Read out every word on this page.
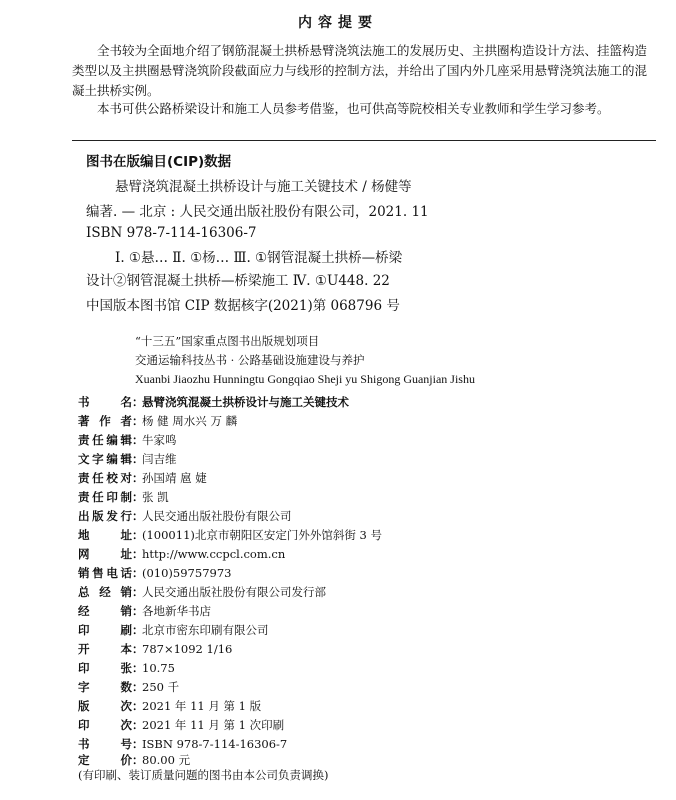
内容提要
全书较为全面地介绍了钢筋混凝土拱桥悬臂浇筑法施工的发展历史、主拱圈构造设计方法、挂篮构造类型以及主拱圈悬臂浇筑阶段截面应力与线形的控制方法，并给出了国内外几座采用悬臂浇筑法施工的混凝土拱桥实例。
本书可供公路桥梁设计和施工人员参考借鉴，也可供高等院校相关专业教师和学生学习参考。
图书在版编目(CIP)数据
悬臂浇筑混凝土拱桥设计与施工关键技术 / 杨健等
编著. — 北京 : 人民交通出版社股份有限公司，2021. 11
ISBN 978-7-114-16306-7
Ⅰ. ①悬… Ⅱ. ①杨… Ⅲ. ①钢管混凝土拱桥—桥梁
设计②钢管混凝土拱桥—桥梁施工 Ⅳ. ①U448. 22
中国版本图书馆 CIP 数据核字(2021)第 068796 号
“十三五”国家重点图书出版规划项目
交通运输科技丛书 · 公路基础设施建设与养护
Xuanbi Jiaozhu Hunningtu Gongqiao Sheji yu Shigong Guanjian Jishu
书名：悬臂浇筑混凝土拱桥设计与施工关键技术
著作者：杨 健 周水兴 万 麟
责任编辑：牛家鸣
文字编辑：闫吉维
责任校对：孙国靖 扈 婕
责任印制：张 凯
出版发行：人民交通出版社股份有限公司
地址：(100011)北京市朝阳区安定门外外馆斜街 3 号
网址：http://www.ccpcl.com.cn
销售电话：(010)59757973
总经销：人民交通出版社股份有限公司发行部
经销：各地新华书店
印刷：北京市密东印刷有限公司
开本：787×1092 1/16
印张：10.75
字数：250 千
版次：2021 年 11 月 第 1 版
印次：2021 年 11 月 第 1 次印刷
书号：ISBN 978-7-114-16306-7
定价：80.00 元
(有印刷、装订质量问题的图书由本公司负责调换)
